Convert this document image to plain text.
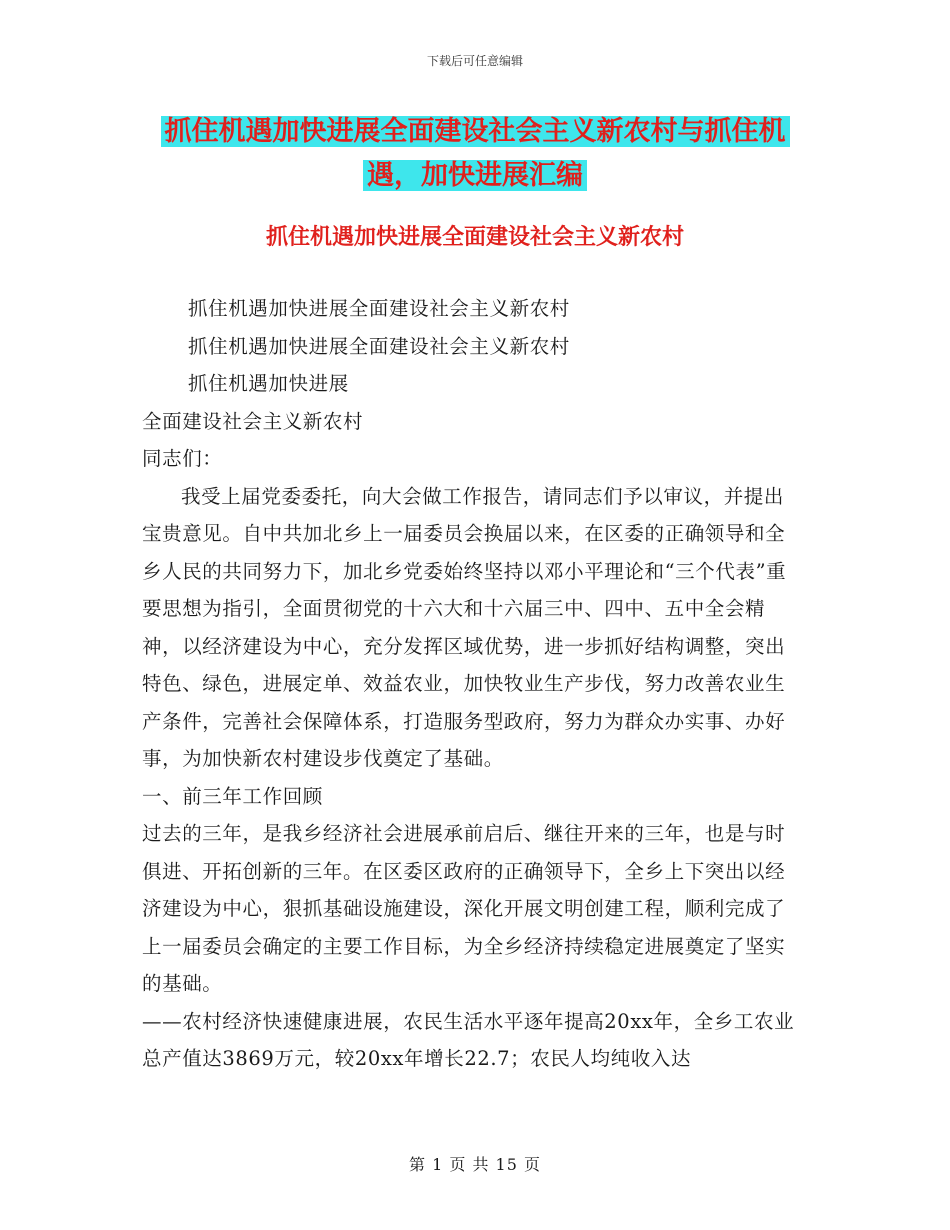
下载后可任意编辑
抓住机遇加快进展全面建设社会主义新农村与抓住机
遇，加快进展汇编
抓住机遇加快进展全面建设社会主义新农村

抓住机遇加快进展全面建设社会主义新农村

抓住机遇加快进展全面建设社会主义新农村

抓住机遇加快进展

全面建设社会主义新农村

同志们：

我受上届党委委托，向大会做工作报告，请同志们予以审议，并提出宝贵意见。自中共加北乡上一届委员会换届以来，在区委的正确领导和全乡人民的共同努力下，加北乡党委始终坚持以邓小平理论和“三个代表”重要思想为指引，全面贯彻党的十六大和十六届三中、四中、五中全会精神，以经济建设为中心，充分发挥区域优势，进一步抓好结构调整，突出特色、绿色，进展定单、效益农业，加快牧业生产步伐，努力改善农业生产条件，完善社会保障体系，打造服务型政府，努力为群众办实事、办好事，为加快新农村建设步伐奠定了基础。

一、前三年工作回顾

过去的三年，是我乡经济社会进展承前启后、继往开来的三年，也是与时俱进、开拓创新的三年。在区委区政府的正确领导下，全乡上下突出以经济建设为中心，狠抓基础设施建设，深化开展文明创建工程，顺利完成了上一届委员会确定的主要工作目标，为全乡经济持续稳定进展奠定了坚实的基础。

——农村经济快速健康进展，农民生活水平逐年提高20xx年，全乡工农业总产值达3869万元，较20xx年增长22.7；农民人均纯收入达

第 1 页 共 15 页
